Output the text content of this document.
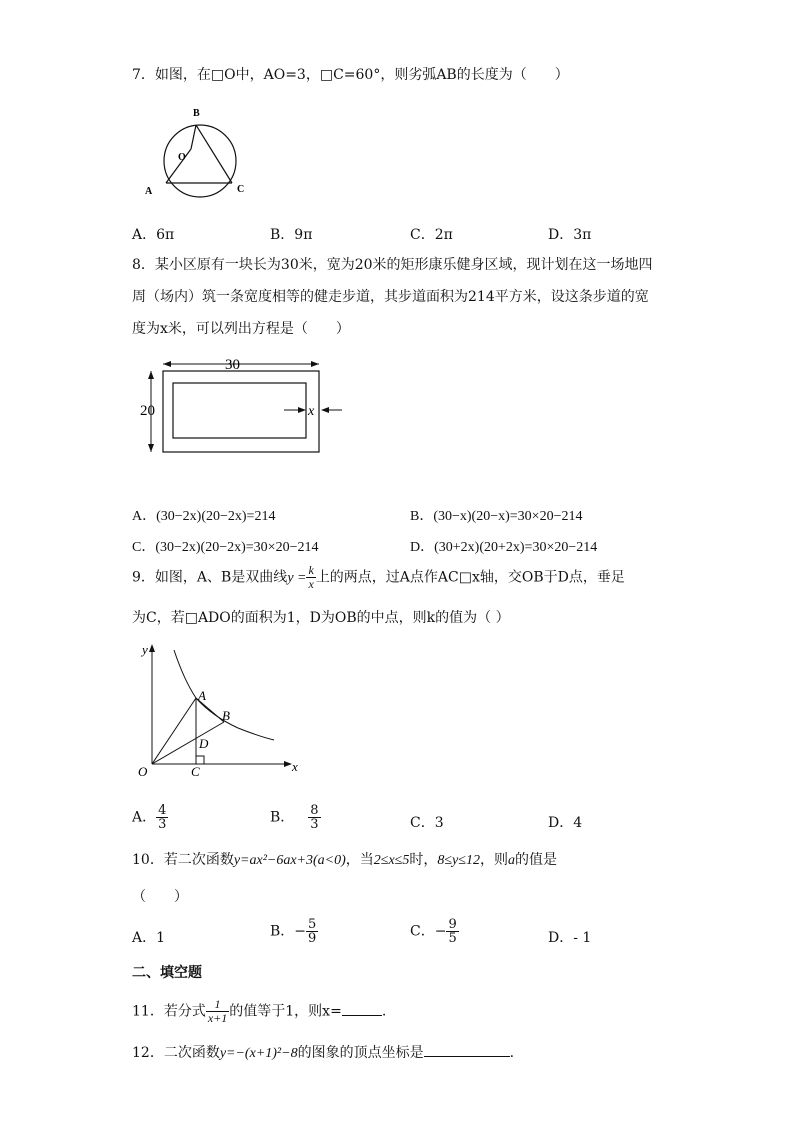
7．如图，在□O中，AO=3，□C=60°，则劣弧AB的长度为（　　）
B
O
A	C
A．6π	B．9π	C．2π	D．3π
8．某小区原有一块长为30米，宽为20米的矩形康乐健身区域，现计划在这一场地四
周（场内）筑一条宽度相等的健走步道，其步道面积为214平方米，设这条步道的宽
度为x米，可以列出方程是（　　）
30
20	x
A．(30−2x)(20−2x)=214	B．(30−x)(20−x)=30×20−214
C．(30−2x)(20−2x)=30×20−214	D．(30+2x)(20+2x)=30×20−214
9．如图，A、B是双曲线$y = \frac{k}{x}$ 上的两点，过A点作AC□x轴，交OB于D点，垂足
为C，若□ADO的面积为1，D为OB的中点，则k的值为（ ）
y
x
O
A
B
D
C
A． $\frac{4}{3}$	B． $\frac{8}{3}$	C．3	D．4
10．若二次函数y=ax²−6ax+3(a<0)，当2≤x≤5时，8≤y≤12，则a的值是
（　　）
A．1	B．− $\frac{5}{9}$	C．− $\frac{9}{5}$	D．- 1
二、填空题
11．若分式 $\frac{1}{x+1}$ 的值等于1，则x=	.
12．二次函数y=−(x+1)²−8的图象的顶点坐标是	.
